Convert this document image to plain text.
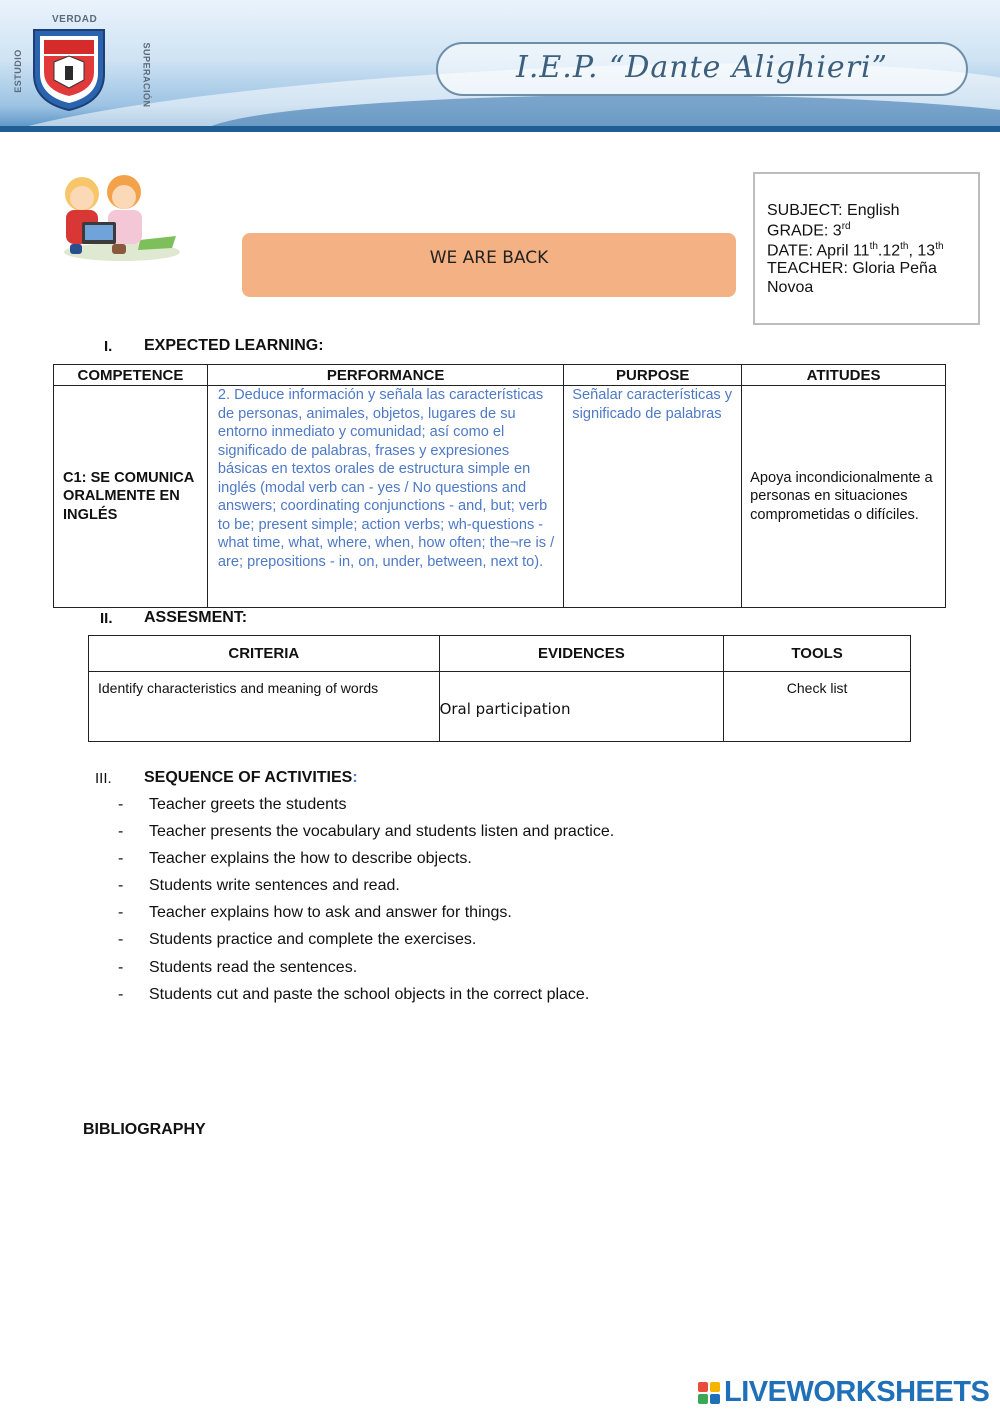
VERDAD
ESTUDIO	SUPERACIÓN	I.E.P. “Dante Alighieri”
WE ARE BACK
SUBJECT: English
GRADE: 3rd
DATE: April 11th.12th, 13th
TEACHER: Gloria Peña
Novoa
I. EXPECTED LEARNING:
COMPETENCE	PERFORMANCE	PURPOSE	ATITUDES
C1: SE COMUNICA ORALMENTE EN INGLÉS	2. Deduce información y señala las características de personas, animales, objetos, lugares de su entorno inmediato y comunidad; así como el significado de palabras, frases y expresiones básicas en textos orales de estructura simple en inglés (modal verb can - yes / No questions and answers; coordinating conjunctions - and, but; verb to be; present simple; action verbs; wh-questions - what time, what, where, when, how often; the¬re is / are; prepositions - in, on, under, between, next to).	Señalar características y significado de palabras	Apoya incondicionalmente a personas en situaciones comprometidas o difíciles.
II. ASSESMENT:
CRITERIA	EVIDENCES	TOOLS
Identify characteristics and meaning of words	Oral participation	Check list
III. SEQUENCE OF ACTIVITIES:
- Teacher greets the students
- Teacher presents the vocabulary and students listen and practice.
- Teacher explains the how to describe objects.
- Students write sentences and read.
- Teacher explains how to ask and answer for things.
- Students practice and complete the exercises.
- Students read the sentences.
- Students cut and paste the school objects in the correct place.
BIBLIOGRAPHY
LIVEWORKSHEETS
